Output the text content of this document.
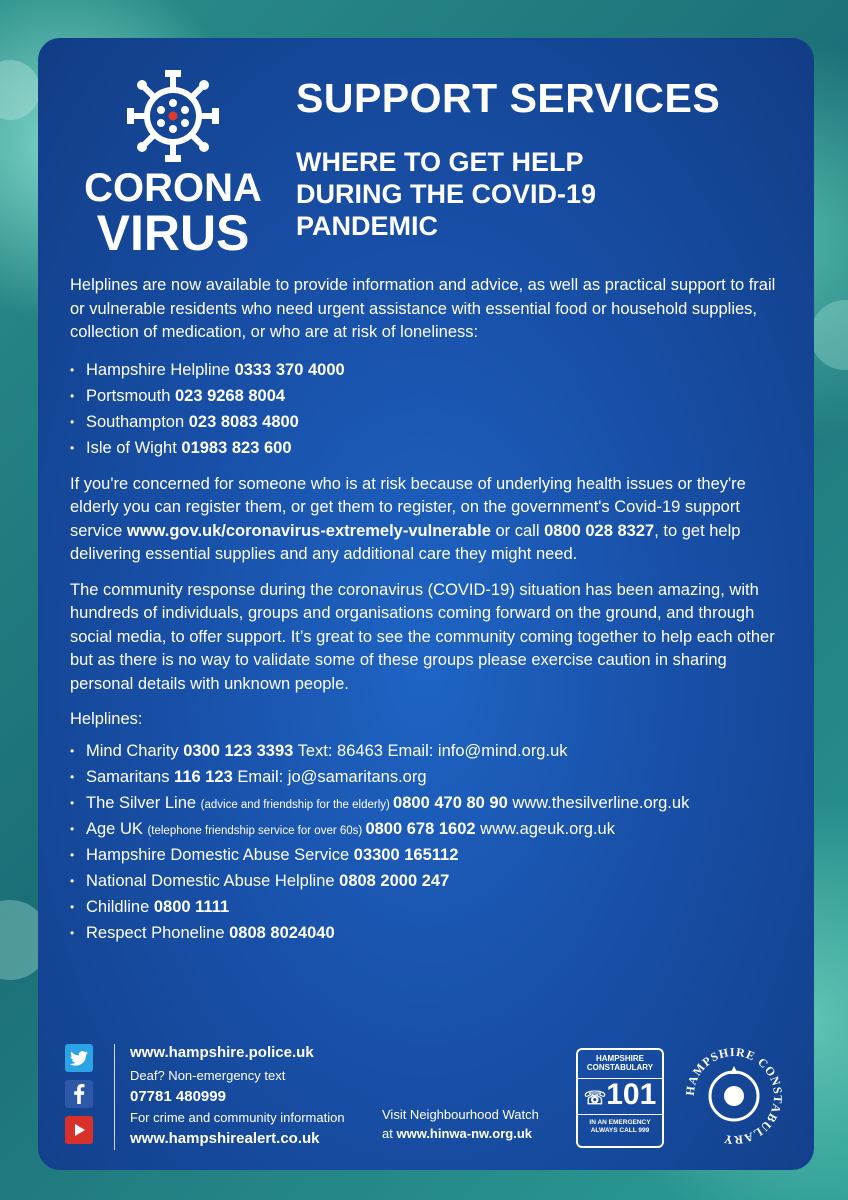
CORONA
VIRUS
SUPPORT SERVICES
WHERE TO GET HELP DURING THE COVID-19 PANDEMIC

Helplines are now available to provide information and advice, as well as practical support to frail or vulnerable residents who need urgent assistance with essential food or household supplies, collection of medication, or who are at risk of loneliness:

• Hampshire Helpline 0333 370 4000
• Portsmouth 023 9268 8004
• Southampton 023 8083 4800
• Isle of Wight 01983 823 600

If you're concerned for someone who is at risk because of underlying health issues or they're elderly you can register them, or get them to register, on the government's Covid-19 support service www.gov.uk/coronavirus-extremely-vulnerable or call 0800 028 8327, to get help delivering essential supplies and any additional care they might need.

The community response during the coronavirus (COVID-19) situation has been amazing, with hundreds of individuals, groups and organisations coming forward on the ground, and through social media, to offer support. It’s great to see the community coming together to help each other but as there is no way to validate some of these groups please exercise caution in sharing personal details with unknown people.

Helplines:

• Mind Charity 0300 123 3393 Text: 86463 Email: info@mind.org.uk
• Samaritans 116 123 Email: jo@samaritans.org
• The Silver Line (advice and friendship for the elderly) 0800 470 80 90 www.thesilverline.org.uk
• Age UK (telephone friendship service for over 60s) 0800 678 1602 www.ageuk.org.uk
• Hampshire Domestic Abuse Service 03300 165112
• National Domestic Abuse Helpline 0808 2000 247
• Childline 0800 1111
• Respect Phoneline 0808 8024040
www.hampshire.police.uk
Deaf? Non-emergency text
07781 480999
For crime and community information
www.hampshirealert.co.uk
Visit Neighbourhood Watch
at www.hinwa-nw.org.uk
HAMPSHIRE CONSTABULARY
☏101
IN AN EMERGENCY ALWAYS CALL 999
HAMPSHIRE CONSTABULARY
